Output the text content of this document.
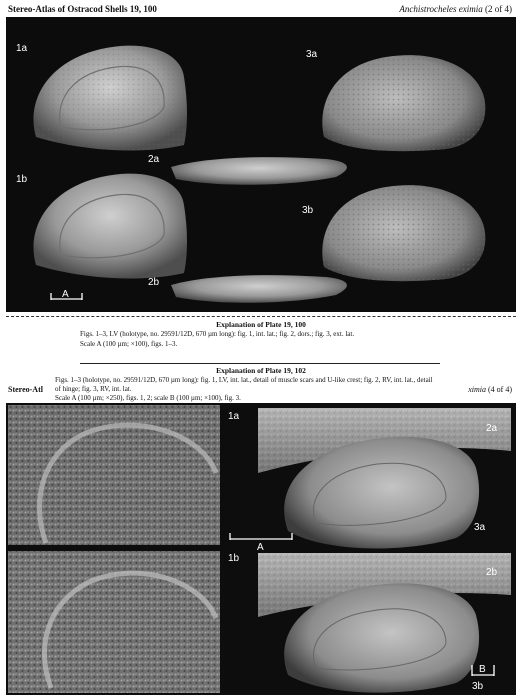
Stereo-Atlas of Ostracod Shells 19, 100	Anchistrocheles eximia (2 of 4)
1a
3a
2a
1b
3b
2b
A
Explanation of Plate 19, 100
Figs. 1–3, LV (holotype, no. 29591/12D, 670 µm long): fig. 1, int. lat.; fig. 2, dors.; fig. 3, ext. lat.
Scale A (100 µm; ×100), figs. 1–3.
Explanation of Plate 19, 102
Figs. 1–3 (holotype, no. 29591/12D, 670 µm long): fig. 1, LV, int. lat., detail of muscle scars and U-like crest; fig. 2, RV, int. lat., detail
of hinge; fig. 3, RV, int. lat.
Scale A (100 µm; ×250), figs. 1, 2; scale B (100 µm; ×100), fig. 3.
Stereo-Atl	ximia (4 of 4)
1a
2a
3a
1b
2b
3b
A
B
